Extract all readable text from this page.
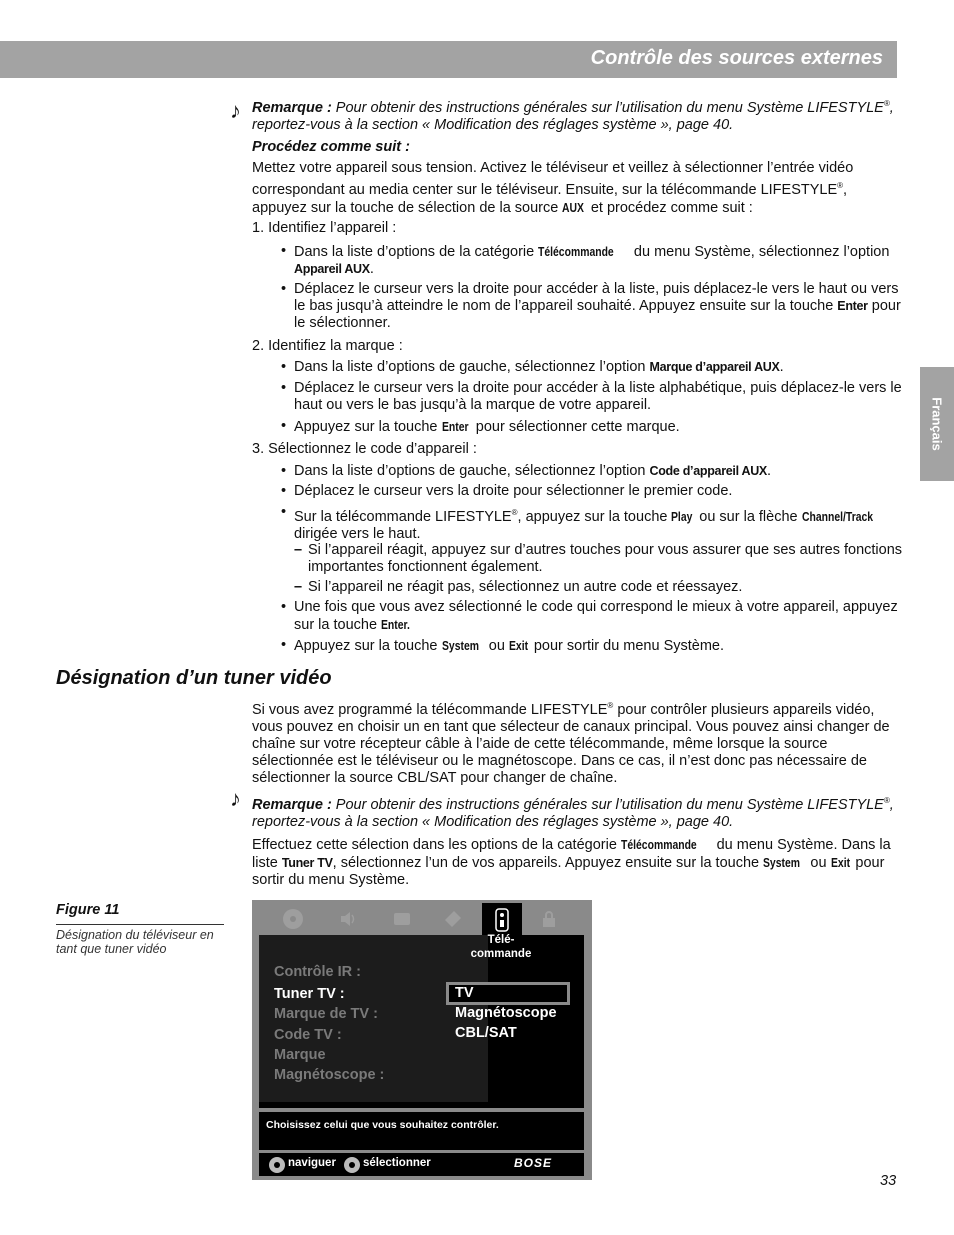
Contrôle des sources externes
Français
♪ Remarque : Pour obtenir des instructions générales sur l’utilisation du menu Système LIFESTYLE®, reportez-vous à la section « Modification des réglages système », page 40.
Procédez comme suit :
Mettez votre appareil sous tension. Activez le téléviseur et veillez à sélectionner l’entrée vidéo correspondant au media center sur le téléviseur. Ensuite, sur la télécommande LIFESTYLE®, appuyez sur la touche de sélection de la source AUX et procédez comme suit :
1. Identifiez l’appareil :
• Dans la liste d’options de la catégorie Télécommande du menu Système, sélectionnez l’option Appareil AUX.
• Déplacez le curseur vers la droite pour accéder à la liste, puis déplacez-le vers le haut ou vers le bas jusqu’à atteindre le nom de l’appareil souhaité. Appuyez ensuite sur la touche Enter pour le sélectionner.
2. Identifiez la marque :
• Dans la liste d’options de gauche, sélectionnez l’option Marque d’appareil AUX.
• Déplacez le curseur vers la droite pour accéder à la liste alphabétique, puis déplacez-le vers le haut ou vers le bas jusqu’à la marque de votre appareil.
• Appuyez sur la touche Enter pour sélectionner cette marque.
3. Sélectionnez le code d’appareil :
• Dans la liste d’options de gauche, sélectionnez l’option Code d’appareil AUX.
• Déplacez le curseur vers la droite pour sélectionner le premier code.
• Sur la télécommande LIFESTYLE®, appuyez sur la touche Play ou sur la flèche Channel/Track dirigée vers le haut.
– Si l’appareil réagit, appuyez sur d’autres touches pour vous assurer que ses autres fonctions importantes fonctionnent également.
– Si l’appareil ne réagit pas, sélectionnez un autre code et réessayez.
• Une fois que vous avez sélectionné le code qui correspond le mieux à votre appareil, appuyez sur la touche Enter.
• Appuyez sur la touche System ou Exit pour sortir du menu Système.
Désignation d’un tuner vidéo
Si vous avez programmé la télécommande LIFESTYLE® pour contrôler plusieurs appareils vidéo, vous pouvez en choisir un en tant que sélecteur de canaux principal. Vous pouvez ainsi changer de chaîne sur votre récepteur câble à l’aide de cette télécommande, même lorsque la source sélectionnée est le téléviseur ou le magnétoscope. Dans ce cas, il n’est donc pas nécessaire de sélectionner la source CBL/SAT pour changer de chaîne.
♪ Remarque : Pour obtenir des instructions générales sur l’utilisation du menu Système LIFESTYLE®, reportez-vous à la section « Modification des réglages système », page 40.
Effectuez cette sélection dans les options de la catégorie Télécommande du menu Système. Dans la liste Tuner TV, sélectionnez l’un de vos appareils. Appuyez ensuite sur la touche System ou Exit pour sortir du menu Système.
Figure 11
Désignation du téléviseur en tant que tuner vidéo
Contrôle IR :
Tuner TV :
Marque de TV :
Code TV :
Marque
Magnétoscope :
Magnétoscope
TV
CBL/SAT
Télé-
commande
Choisissez celui que vous souhaitez contrôler.
naviguer sélectionner	BOSE
33
